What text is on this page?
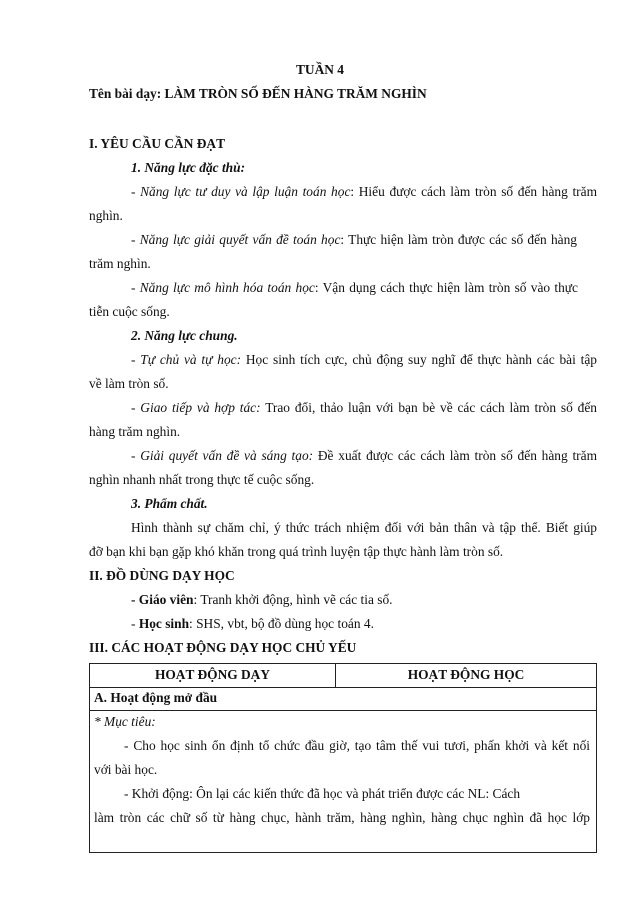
TUẦN 4
Tên bài dạy: LÀM TRÒN SỐ ĐẾN HÀNG TRĂM NGHÌN
I. YÊU CẦU CẦN ĐẠT
1. Năng lực đặc thù:
- Năng lực tư duy và lập luận toán học: Hiểu được cách làm tròn số đến hàng trăm
nghìn.
- Năng lực giải quyết vấn đề toán học: Thực hiện làm tròn được các số đến hàng
trăm nghìn.
- Năng lực mô hình hóa toán học: Vận dụng cách thực hiện làm tròn số vào thực
tiễn cuộc sống.
2. Năng lực chung.
- Tự chủ và tự học: Học sinh tích cực, chủ động suy nghĩ để thực hành các bài tập
về làm tròn số.
- Giao tiếp và hợp tác: Trao đổi, thảo luận với bạn bè về các cách làm tròn số đến
hàng trăm nghìn.
- Giải quyết vấn đề và sáng tạo: Đề xuất được các cách làm tròn số đến hàng trăm
nghìn nhanh nhất trong thực tế cuộc sống.
3. Phẩm chất.
Hình thành sự chăm chỉ, ý thức trách nhiệm đối với bản thân và tập thể. Biết giúp
đỡ bạn khi bạn gặp khó khăn trong quá trình luyện tập thực hành làm tròn số.
II. ĐỒ DÙNG DẠY HỌC
- Giáo viên: Tranh khởi động, hình vẽ các tia số.
- Học sinh: SHS, vbt, bộ đồ dùng học toán 4.
III. CÁC HOẠT ĐỘNG DẠY HỌC CHỦ YẾU
HOẠT ĐỘNG DẠY	HOẠT ĐỘNG HỌC
A. Hoạt động mở đầu
* Mục tiêu:
- Cho học sinh ổn định tổ chức đầu giờ, tạo tâm thế vui tươi, phấn khởi và kết nối
với bài học.
- Khởi động: Ôn lại các kiến thức đã học và phát triển được các NL: Cách
làm tròn các chữ số từ hàng chục, hành trăm, hàng nghìn, hàng chục nghìn đã học lớp
